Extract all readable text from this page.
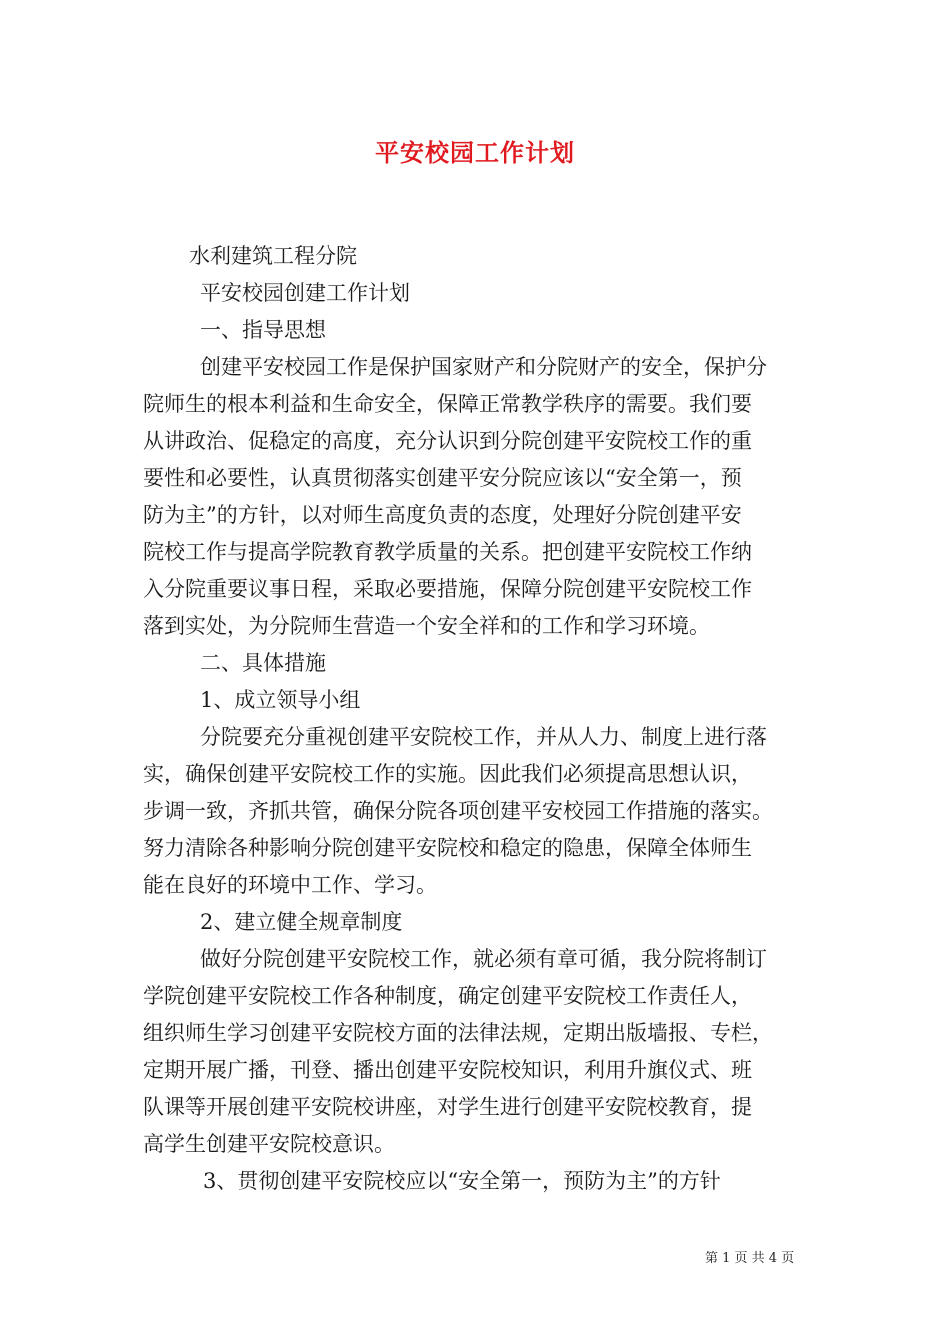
平安校园工作计划
水利建筑工程分院
平安校园创建工作计划
一、指导思想
创建平安校园工作是保护国家财产和分院财产的安全，保护分
院师生的根本利益和生命安全，保障正常教学秩序的需要。我们要
从讲政治、促稳定的高度，充分认识到分院创建平安院校工作的重
要性和必要性，认真贯彻落实创建平安分院应该以“安全第一，预
防为主”的方针，以对师生高度负责的态度，处理好分院创建平安
院校工作与提高学院教育教学质量的关系。把创建平安院校工作纳
入分院重要议事日程，采取必要措施，保障分院创建平安院校工作
落到实处，为分院师生营造一个安全祥和的工作和学习环境。
二、具体措施
1、成立领导小组
分院要充分重视创建平安院校工作，并从人力、制度上进行落
实，确保创建平安院校工作的实施。因此我们必须提高思想认识，
步调一致，齐抓共管，确保分院各项创建平安校园工作措施的落实。
努力清除各种影响分院创建平安院校和稳定的隐患，保障全体师生
能在良好的环境中工作、学习。
2、建立健全规章制度
做好分院创建平安院校工作，就必须有章可循，我分院将制订
学院创建平安院校工作各种制度，确定创建平安院校工作责任人，
组织师生学习创建平安院校方面的法律法规，定期出版墙报、专栏，
定期开展广播，刊登、播出创建平安院校知识，利用升旗仪式、班
队课等开展创建平安院校讲座，对学生进行创建平安院校教育，提
高学生创建平安院校意识。
3、贯彻创建平安院校应以“安全第一，预防为主”的方针
第 1 页 共 4 页
